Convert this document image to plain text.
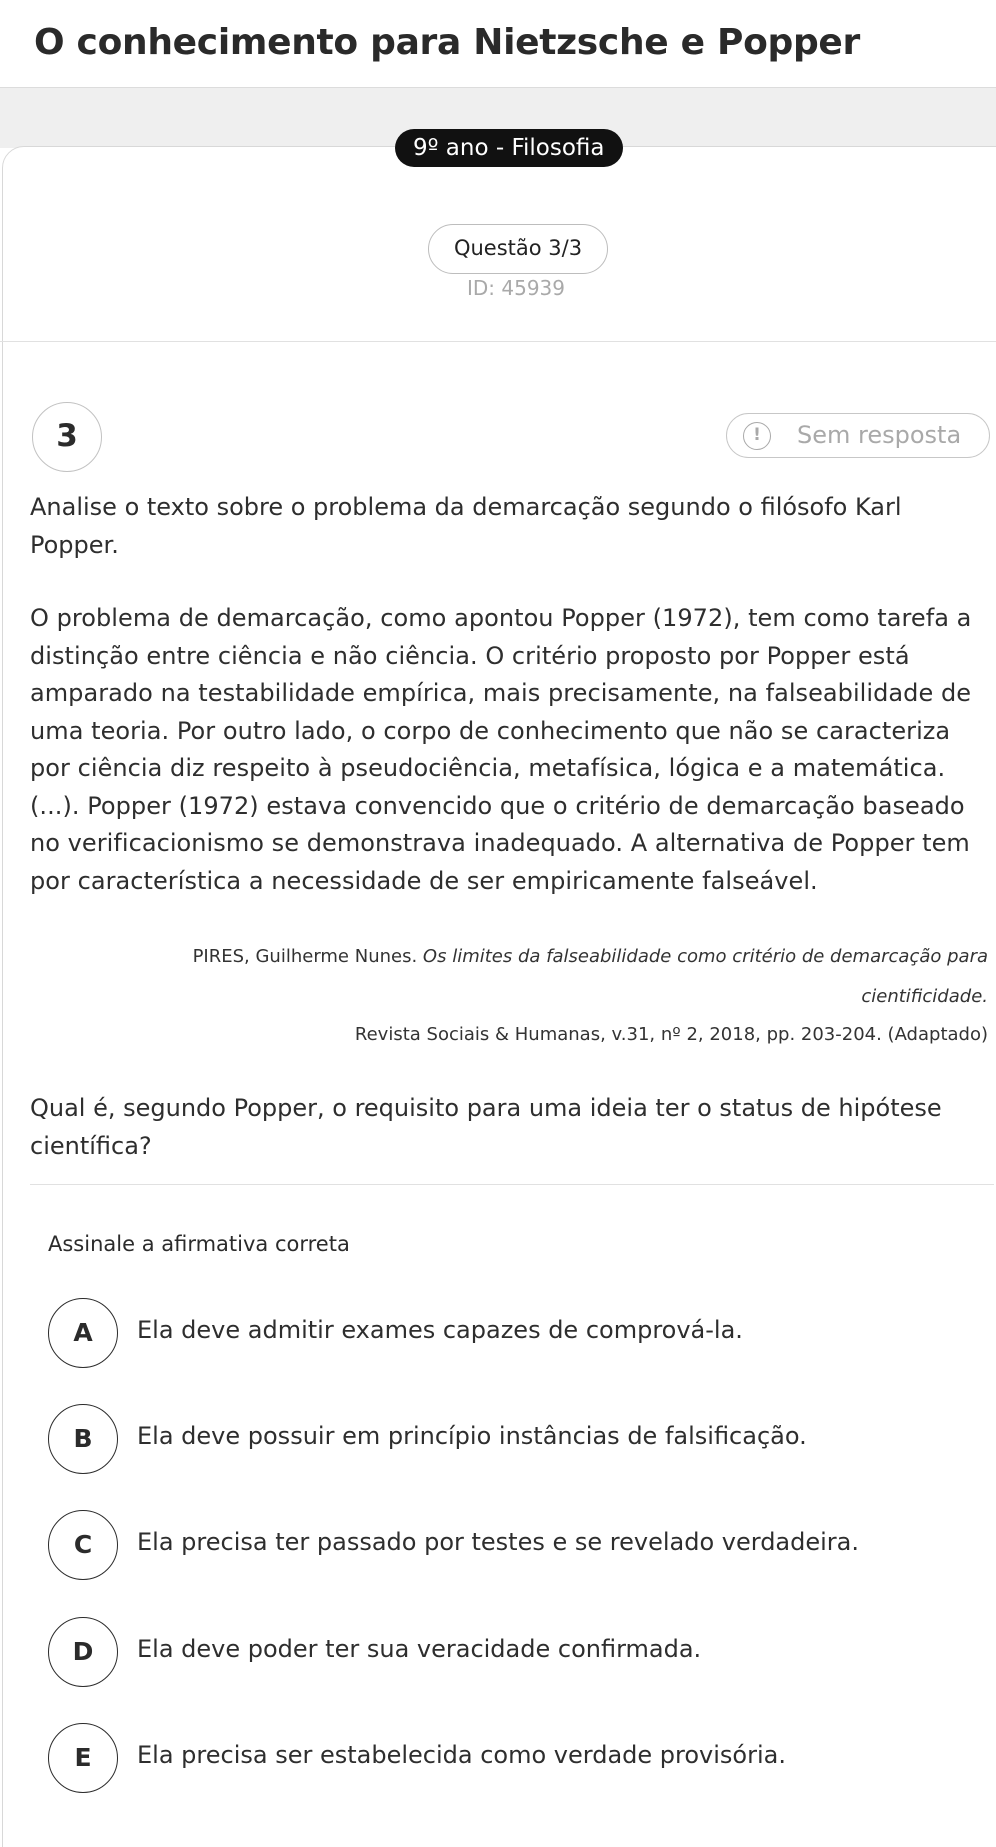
O conhecimento para Nietzsche e Popper
9º ano - Filosofia
Questão 3/3
ID: 45939
3	!	Sem resposta
Analise o texto sobre o problema da demarcação segundo o filósofo Karl Popper.
O problema de demarcação, como apontou Popper (1972), tem como tarefa a distinção entre ciência e não ciência. O critério proposto por Popper está amparado na testabilidade empírica, mais precisamente, na falseabilidade de uma teoria. Por outro lado, o corpo de conhecimento que não se caracteriza por ciência diz respeito à pseudociência, metafísica, lógica e a matemática. (...). Popper (1972) estava convencido que o critério de demarcação baseado no verificacionismo se demonstrava inadequado. A alternativa de Popper tem por característica a necessidade de ser empiricamente falseável.
PIRES, Guilherme Nunes. Os limites da falseabilidade como critério de demarcação para
cientificidade.
Revista Sociais & Humanas, v.31, nº 2, 2018, pp. 203-204. (Adaptado)
Qual é, segundo Popper, o requisito para uma ideia ter o status de hipótese científica?
Assinale a afirmativa correta
A	Ela deve admitir exames capazes de comprová-la.
B	Ela deve possuir em princípio instâncias de falsificação.
C	Ela precisa ter passado por testes e se revelado verdadeira.
D	Ela deve poder ter sua veracidade confirmada.
E	Ela precisa ser estabelecida como verdade provisória.
